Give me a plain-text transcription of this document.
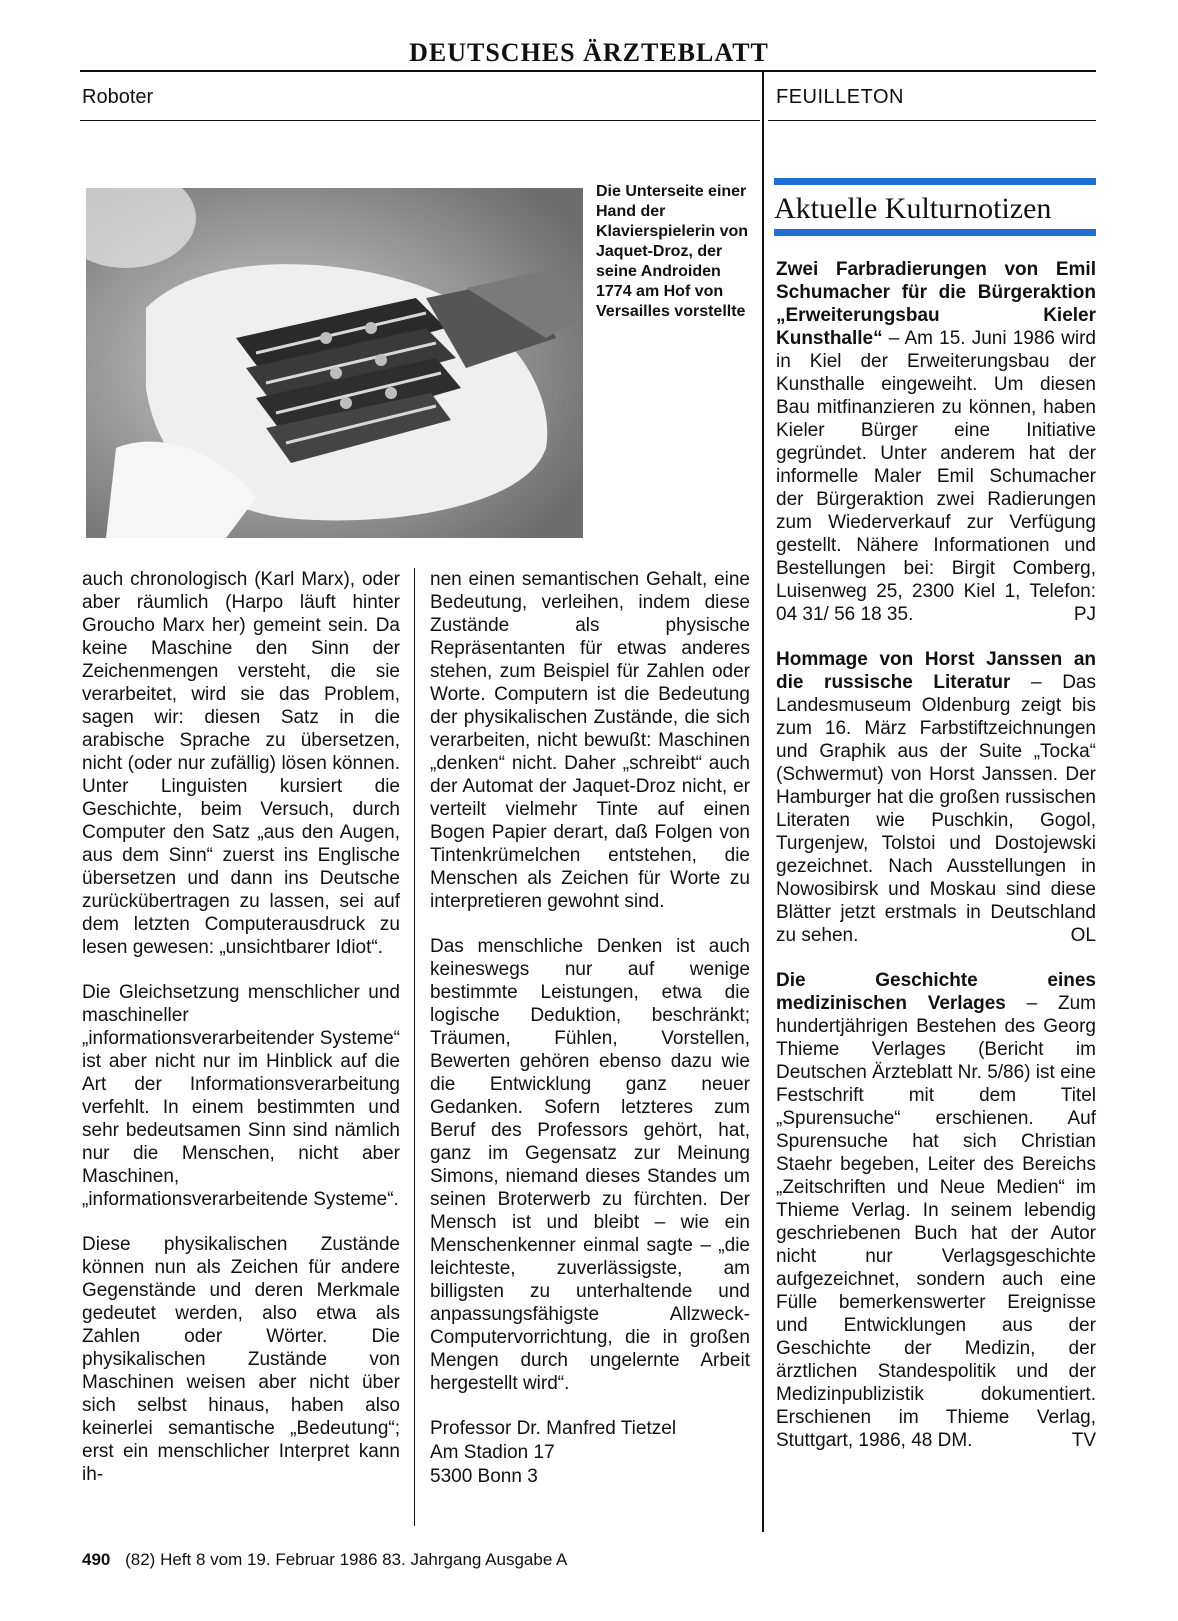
DEUTSCHES ÄRZTEBLATT
Roboter	FEUILLETON
Die Unterseite einer Hand der Klavierspielerin von Jaquet-Droz, der seine Androiden 1774 am Hof von Versailles vorstellte

auch chronologisch (Karl Marx), oder aber räumlich (Harpo läuft hinter Groucho Marx her) gemeint sein. Da keine Maschine den Sinn der Zeichenmengen versteht, die sie verarbeitet, wird sie das Problem, sagen wir: diesen Satz in die arabische Sprache zu übersetzen, nicht (oder nur zufällig) lösen können. Unter Linguisten kursiert die Geschichte, beim Versuch, durch Computer den Satz „aus den Augen, aus dem Sinn“ zuerst ins Englische übersetzen und dann ins Deutsche zurückübertragen zu lassen, sei auf dem letzten Computerausdruck zu lesen gewesen: „unsichtbarer Idiot“.

Die Gleichsetzung menschlicher und maschineller „informationsverarbeitender Systeme“ ist aber nicht nur im Hinblick auf die Art der Informationsverarbeitung verfehlt. In einem bestimmten und sehr bedeutsamen Sinn sind nämlich nur die Menschen, nicht aber Maschinen, „informationsverarbeitende Systeme“.

Diese physikalischen Zustände können nun als Zeichen für andere Gegenstände und deren Merkmale gedeutet werden, also etwa als Zahlen oder Wörter. Die physikalischen Zustände von Maschinen weisen aber nicht über sich selbst hinaus, haben also keinerlei semantische „Bedeutung“; erst ein menschlicher Interpret kann ih-

nen einen semantischen Gehalt, eine Bedeutung, verleihen, indem diese Zustände als physische Repräsentanten für etwas anderes stehen, zum Beispiel für Zahlen oder Worte. Computern ist die Bedeutung der physikalischen Zustände, die sich verarbeiten, nicht bewußt: Maschinen „denken“ nicht. Daher „schreibt“ auch der Automat der Jaquet-Droz nicht, er verteilt vielmehr Tinte auf einen Bogen Papier derart, daß Folgen von Tintenkrümelchen entstehen, die Menschen als Zeichen für Worte zu interpretieren gewohnt sind.

Das menschliche Denken ist auch keineswegs nur auf wenige bestimmte Leistungen, etwa die logische Deduktion, beschränkt; Träumen, Fühlen, Vorstellen, Bewerten gehören ebenso dazu wie die Entwicklung ganz neuer Gedanken. Sofern letzteres zum Beruf des Professors gehört, hat, ganz im Gegensatz zur Meinung Simons, niemand dieses Standes um seinen Broterwerb zu fürchten. Der Mensch ist und bleibt – wie ein Menschenkenner einmal sagte – „die leichteste, zuverlässigste, am billigsten zu unterhaltende und anpassungsfähigste Allzweck-Computervorrichtung, die in großen Mengen durch ungelernte Arbeit hergestellt wird“.

Professor Dr. Manfred Tietzel
Am Stadion 17
5300 Bonn 3
Aktuelle Kulturnotizen

Zwei Farbradierungen von Emil Schumacher für die Bürgeraktion „Erweiterungsbau Kieler Kunsthalle“ – Am 15. Juni 1986 wird in Kiel der Erweiterungsbau der Kunsthalle eingeweiht. Um diesen Bau mitfinanzieren zu können, haben Kieler Bürger eine Initiative gegründet. Unter anderem hat der informelle Maler Emil Schumacher der Bürgeraktion zwei Radierungen zum Wiederverkauf zur Verfügung gestellt. Nähere Informationen und Bestellungen bei: Birgit Comberg, Luisenweg 25, 2300 Kiel 1, Telefon: 04 31/ 56 18 35.	PJ

Hommage von Horst Janssen an die russische Literatur – Das Landesmuseum Oldenburg zeigt bis zum 16. März Farbstiftzeichnungen und Graphik aus der Suite „Tocka“ (Schwermut) von Horst Janssen. Der Hamburger hat die großen russischen Literaten wie Puschkin, Gogol, Turgenjew, Tolstoi und Dostojewski gezeichnet. Nach Ausstellungen in Nowosibirsk und Moskau sind diese Blätter jetzt erstmals in Deutschland zu sehen.	OL

Die Geschichte eines medizinischen Verlages – Zum hundertjährigen Bestehen des Georg Thieme Verlages (Bericht im Deutschen Ärzteblatt Nr. 5/86) ist eine Festschrift mit dem Titel „Spurensuche“ erschienen. Auf Spurensuche hat sich Christian Staehr begeben, Leiter des Bereichs „Zeitschriften und Neue Medien“ im Thieme Verlag. In seinem lebendig geschriebenen Buch hat der Autor nicht nur Verlagsgeschichte aufgezeichnet, sondern auch eine Fülle bemerkenswerter Ereignisse und Entwicklungen aus der Geschichte der Medizin, der ärztlichen Standespolitik und der Medizinpublizistik dokumentiert. Erschienen im Thieme Verlag, Stuttgart, 1986, 48 DM.	TV

490 (82) Heft 8 vom 19. Februar 1986 83. Jahrgang Ausgabe A
